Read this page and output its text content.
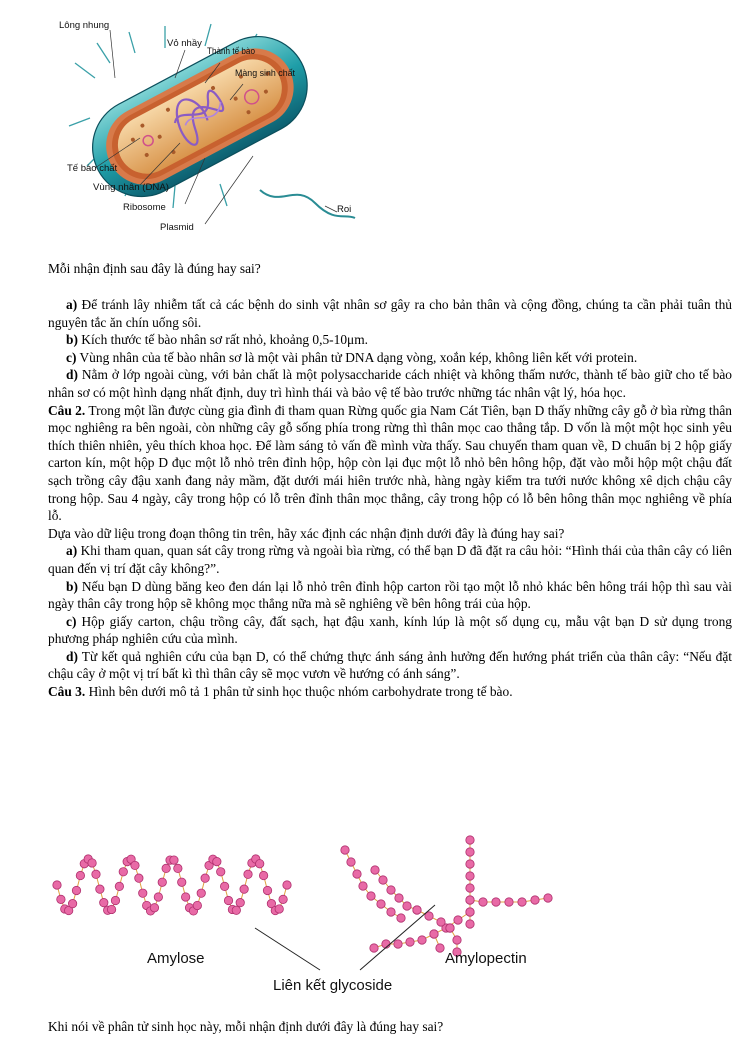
Lông nhung
Vỏ nhầy
Thành tế bào
Màng sinh chất
Tế bào chất
Vùng nhân (DNA)
Ribosome
Plasmid
Roi

Mỗi nhận định sau đây là đúng hay sai?

a) Để tránh lây nhiễm tất cả các bệnh do sinh vật nhân sơ gây ra cho bản thân và cộng đồng, chúng ta cần phải tuân thủ nguyên tắc ăn chín uống sôi.

b) Kích thước tế bào nhân sơ rất nhỏ, khoảng 0,5-10μm.

c) Vùng nhân của tế bào nhân sơ là một vài phân tử DNA dạng vòng, xoắn kép, không liên kết với protein.

d) Nằm ở lớp ngoài cùng, với bản chất là một polysaccharide cách nhiệt và không thấm nước, thành tế bào giữ cho tế bào nhân sơ có một hình dạng nhất định, duy trì hình thái và bảo vệ tế bào trước những tác nhân vật lý, hóa học.

Câu 2. Trong một lần được cùng gia đình đi tham quan Rừng quốc gia Nam Cát Tiên, bạn D thấy những cây gỗ ở bìa rừng thân mọc nghiêng ra bên ngoài, còn những cây gỗ sống phía trong rừng thì thân mọc cao thẳng tắp. D vốn là một một học sinh yêu thích thiên nhiên, yêu thích khoa học. Để làm sáng tỏ vấn đề mình vừa thấy. Sau chuyến tham quan về, D chuẩn bị 2 hộp giấy carton kín, một hộp D đục một lỗ nhỏ trên đỉnh hộp, hộp còn lại đục một lỗ nhỏ bên hông hộp, đặt vào mỗi hộp một chậu đất sạch trồng cây đậu xanh đang nảy mầm, đặt dưới mái hiên trước nhà, hàng ngày kiểm tra tưới nước không xê dịch chậu cây trong hộp. Sau 4 ngày, cây trong hộp có lỗ trên đỉnh thân mọc thẳng, cây trong hộp có lỗ bên hông thân mọc nghiêng về phía lỗ.

Dựa vào dữ liệu trong đoạn thông tin trên, hãy xác định các nhận định dưới đây là đúng hay sai?

a) Khi tham quan, quan sát cây trong rừng và ngoài bìa rừng, có thể bạn D đã đặt ra câu hỏi: “Hình thái của thân cây có liên quan đến vị trí đặt cây không?”.

b) Nếu bạn D dùng băng keo đen dán lại lỗ nhỏ trên đỉnh hộp carton rồi tạo một lỗ nhỏ khác bên hông trái hộp thì sau vài ngày thân cây trong hộp sẽ không mọc thẳng nữa mà sẽ nghiêng về bên hông trái của hộp.

c) Hộp giấy carton, chậu trồng cây, đất sạch, hạt đậu xanh, kính lúp là một số dụng cụ, mẫu vật bạn D sử dụng trong phương pháp nghiên cứu của mình.

d) Từ kết quả nghiên cứu của bạn D, có thể chứng thực ánh sáng ảnh hưởng đến hướng phát triển của thân cây: “Nếu đặt chậu cây ở một vị trí bất kì thì thân cây sẽ mọc vươn về hướng có ánh sáng”.

Câu 3. Hình bên dưới mô tả 1 phân tử sinh học thuộc nhóm carbohydrate trong tế bào.

Amylose	Amylopectin
Liên kết glycoside

Khi nói về phân tử sinh học này, mỗi nhận định dưới đây là đúng hay sai?
